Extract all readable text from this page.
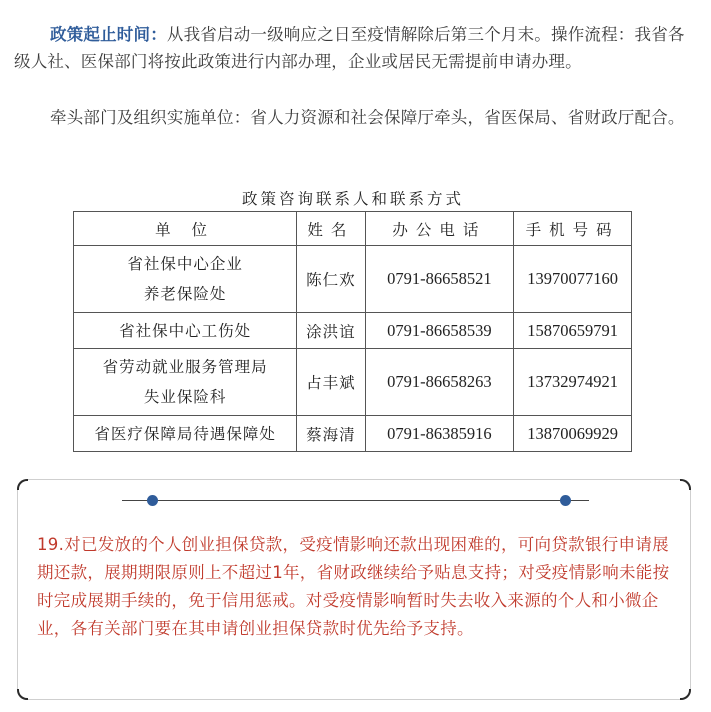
政策起止时间：从我省启动一级响应之日至疫情解除后第三个月末。操作流程：我省各级人社、医保部门将按此政策进行内部办理，企业或居民无需提前申请办理。
牵头部门及组织实施单位：省人力资源和社会保障厅牵头，省医保局、省财政厅配合。
政策咨询联系人和联系方式
单 位	姓名	办公电话	手机号码

省社保中心企业
养老保险处	陈仁欢	0791-86658521	13970077160

省社保中心工伤处	涂洪谊	0791-86658539	15870659791

省劳动就业服务管理局
失业保险科	占丰斌	0791-86658263	13732974921

省医疗保障局待遇保障处	蔡海清	0791-86385916	13870069929
19.对已发放的个人创业担保贷款，受疫情影响还款出现困难的，可向贷款银行申请展期还款，展期期限原则上不超过1年，省财政继续给予贴息支持；对受疫情影响未能按时完成展期手续的，免于信用惩戒。对受疫情影响暂时失去收入来源的个人和小微企业，各有关部门要在其申请创业担保贷款时优先给予支持。
